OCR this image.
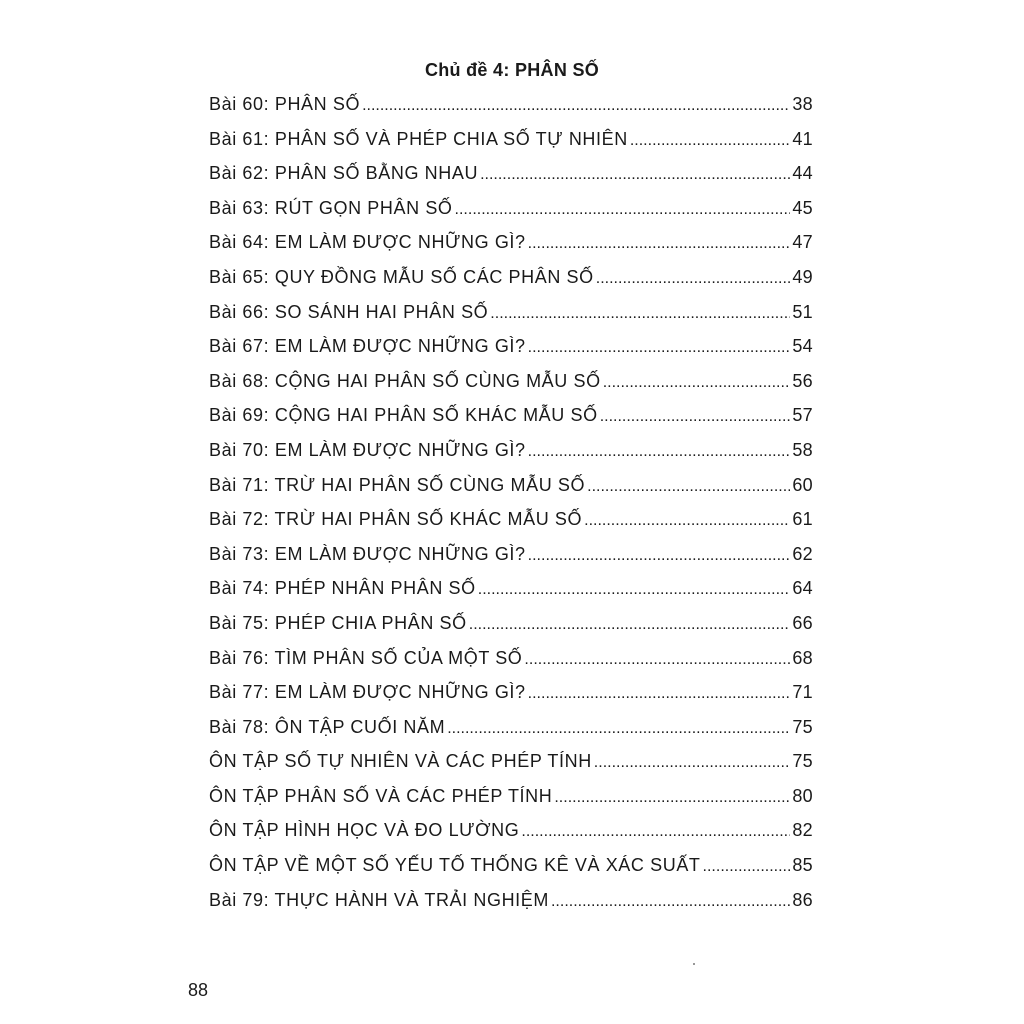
Chủ đề 4: PHÂN SỐ
Bài 60: PHÂN SỐ .....	38
Bài 61: PHÂN SỐ VÀ PHÉP CHIA SỐ TỰ NHIÊN .....	41
Bài 62: PHÂN SỐ BẰNG NHAU .....	44
Bài 63: RÚT GỌN PHÂN SỐ .....	45
Bài 64: EM LÀM ĐƯỢC NHỮNG GÌ? .....	47
Bài 65: QUY ĐỒNG MẪU SỐ CÁC PHÂN SỐ .....	49
Bài 66: SO SÁNH HAI PHÂN SỐ .....	51
Bài 67: EM LÀM ĐƯỢC NHỮNG GÌ? .....	54
Bài 68: CỘNG HAI PHÂN SỐ CÙNG MẪU SỐ .....	56
Bài 69: CỘNG HAI PHÂN SỐ KHÁC MẪU SỐ .....	57
Bài 70: EM LÀM ĐƯỢC NHỮNG GÌ? .....	58
Bài 71: TRỪ HAI PHÂN SỐ CÙNG MẪU SỐ .....	60
Bài 72: TRỪ HAI PHÂN SỐ KHÁC MẪU SỐ .....	61
Bài 73: EM LÀM ĐƯỢC NHỮNG GÌ? .....	62
Bài 74: PHÉP NHÂN PHÂN SỐ .....	64
Bài 75: PHÉP CHIA PHÂN SỐ .....	66
Bài 76: TÌM PHÂN SỐ CỦA MỘT SỐ .....	68
Bài 77: EM LÀM ĐƯỢC NHỮNG GÌ? .....	71
Bài 78: ÔN TẬP CUỐI NĂM .....	75
ÔN TẬP SỐ TỰ NHIÊN VÀ CÁC PHÉP TÍNH .....	75
ÔN TẬP PHÂN SỐ VÀ CÁC PHÉP TÍNH .....	80
ÔN TẬP HÌNH HỌC VÀ ĐO LƯỜNG .....	82
ÔN TẬP VỀ MỘT SỐ YẾU TỐ THỐNG KÊ VÀ XÁC SUẤT .....	85
Bài 79: THỰC HÀNH VÀ TRẢI NGHIỆM .....	86
88
